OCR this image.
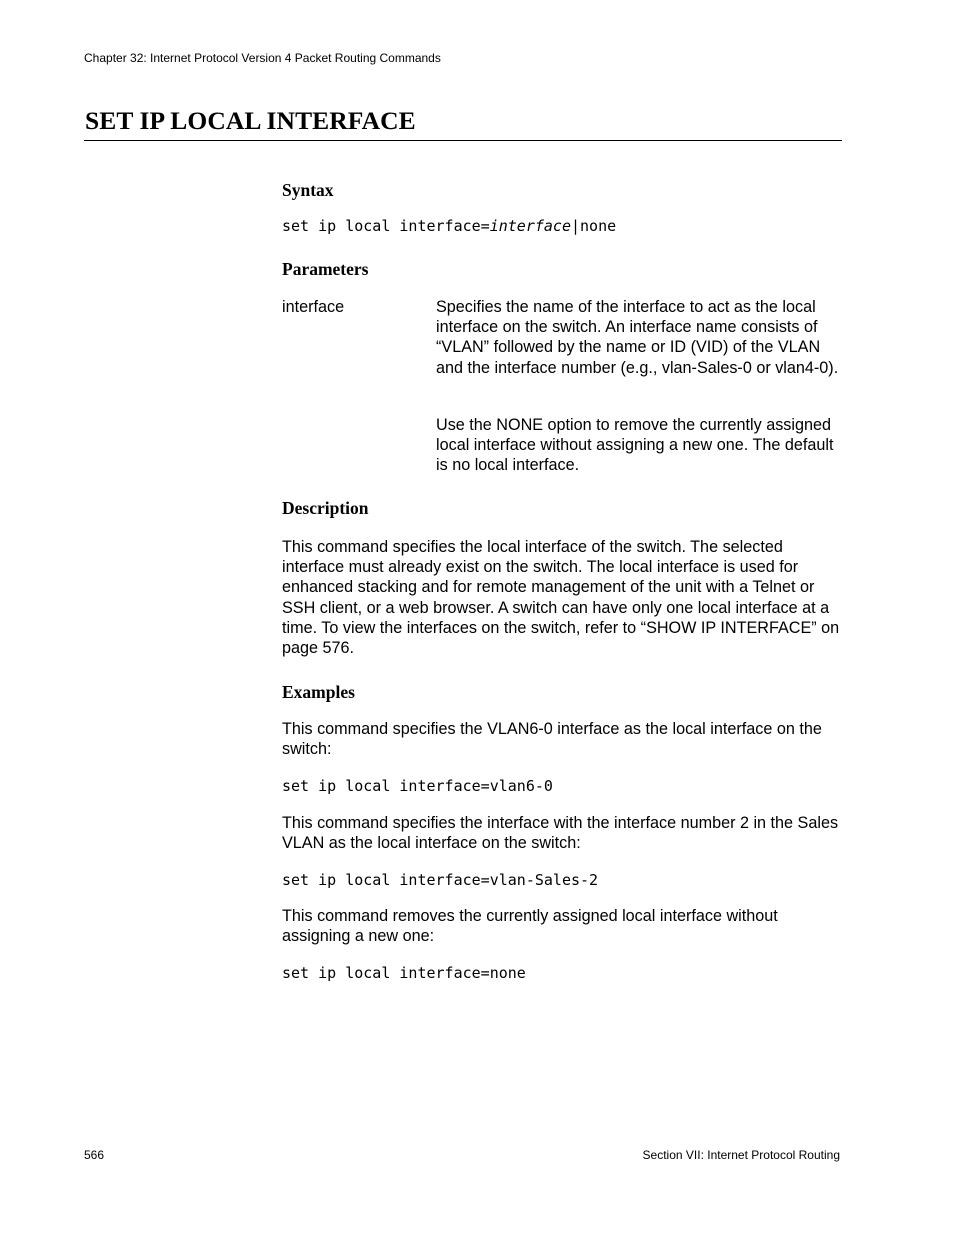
Chapter 32: Internet Protocol Version 4 Packet Routing Commands
SET IP LOCAL INTERFACE
Syntax
set ip local interface=interface|none
Parameters
interface	Specifies the name of the interface to act as the local interface on the switch. An interface name consists of “VLAN” followed by the name or ID (VID) of the VLAN and the interface number (e.g., vlan-Sales-0 or vlan4-0).
Use the NONE option to remove the currently assigned local interface without assigning a new one. The default is no local interface.
Description
This command specifies the local interface of the switch. The selected interface must already exist on the switch. The local interface is used for enhanced stacking and for remote management of the unit with a Telnet or SSH client, or a web browser. A switch can have only one local interface at a time. To view the interfaces on the switch, refer to “SHOW IP INTERFACE” on page 576.
Examples
This command specifies the VLAN6-0 interface as the local interface on the switch:
set ip local interface=vlan6-0
This command specifies the interface with the interface number 2 in the Sales VLAN as the local interface on the switch:
set ip local interface=vlan-Sales-2
This command removes the currently assigned local interface without assigning a new one:
set ip local interface=none
566	Section VII: Internet Protocol Routing
